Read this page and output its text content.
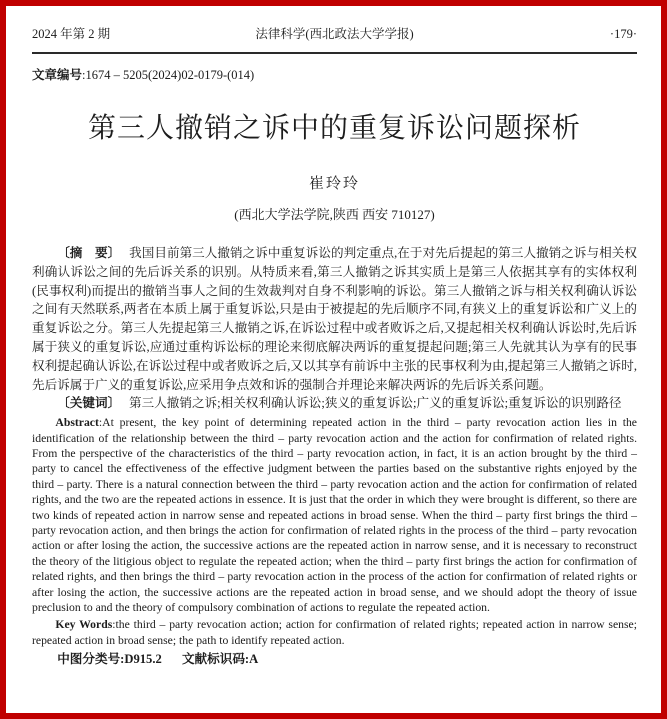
2024 年第 2 期	法律科学(西北政法大学学报)	·179·

文章编号:1674 – 5205(2024)02-0179-(014)

第三人撤销之诉中的重复诉讼问题探析
崔玲玲
(西北大学法学院,陕西 西安 710127)

〔摘　要〕 我国目前第三人撤销之诉中重复诉讼的判定重点,在于对先后提起的第三人撤销之诉与相关权利确认诉讼之间的先后诉关系的识别。从特质来看,第三人撤销之诉其实质上是第三人依据其享有的实体权利(民事权利)而提出的撤销当事人之间的生效裁判对自身不利影响的诉讼。第三人撤销之诉与相关权利确认诉讼之间有天然联系,两者在本质上属于重复诉讼,只是由于被提起的先后顺序不同,有狭义上的重复诉讼和广义上的重复诉讼之分。第三人先提起第三人撤销之诉,在诉讼过程中或者败诉之后,又提起相关权利确认诉讼时,先后诉属于狭义的重复诉讼,应通过重构诉讼标的理论来彻底解决两诉的重复提起问题;第三人先就其认为享有的民事权利提起确认诉讼,在诉讼过程中或者败诉之后,又以其享有前诉中主张的民事权利为由,提起第三人撤销之诉时,先后诉属于广义的重复诉讼,应采用争点效和诉的强制合并理论来解决两诉的先后诉关系问题。

〔关键词〕 第三人撤销之诉;相关权利确认诉讼;狭义的重复诉讼;广义的重复诉讼;重复诉讼的识别路径

Abstract:At present, the key point of determining repeated action in the third – party revocation action lies in the identification of the relationship between the third – party revocation action and the action for confirmation of related rights. From the perspective of the characteristics of the third – party revocation action, in fact, it is an action brought by the third – party to cancel the effectiveness of the effective judgment between the parties based on the substantive rights enjoyed by the third – party. There is a natural connection between the third – party revocation action and the action for confirmation of related rights, and the two are the repeated actions in essence. It is just that the order in which they were brought is different, so there are two kinds of repeated action in narrow sense and repeated actions in broad sense. When the third – party first brings the third – party revocation action, and then brings the action for confirmation of related rights in the process of the third – party revocation action or after losing the action, the successive actions are the repeated action in narrow sense, and it is necessary to reconstruct the theory of the litigious object to regulate the repeated action; when the third – party first brings the action for confirmation of related rights, and then brings the third – party revocation action in the process of the action for confirmation of related rights or after losing the action, the successive actions are the repeated action in broad sense, and we should adopt the theory of issue preclusion to and the theory of compulsory combination of actions to regulate the repeated action.

Key Words:the third – party revocation action; action for confirmation of related rights; repeated action in narrow sense; repeated action in broad sense; the path to identify repeated action.

中图分类号:D915.2 文献标识码:A
